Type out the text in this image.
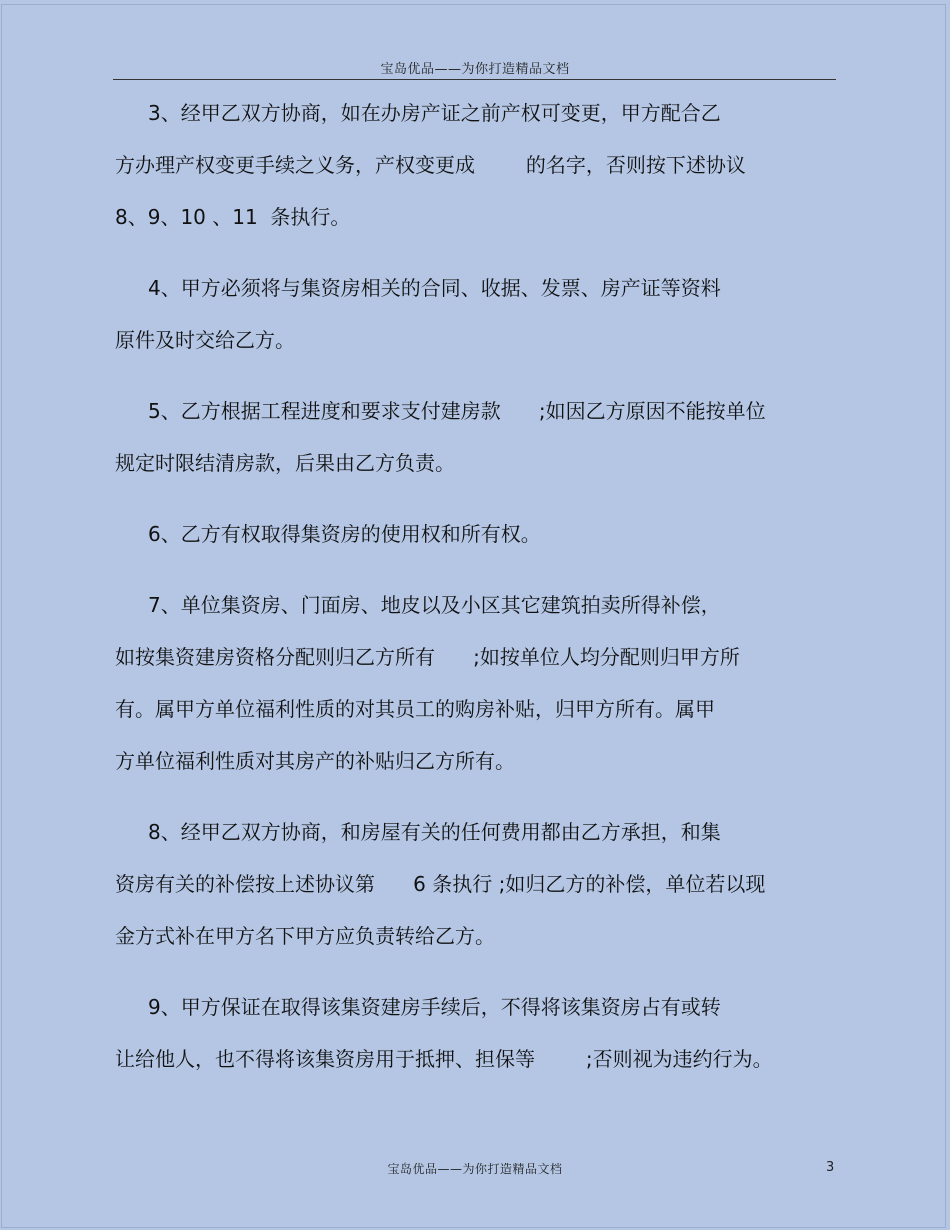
宝岛优品——为你打造精品文档
3、经甲乙双方协商，如在办房产证之前产权可变更，甲方配合乙
方办理产权变更手续之义务，产权变更成        的名字，否则按下述协议
8、9、10 、11  条执行。
4、甲方必须将与集资房相关的合同、收据、发票、房产证等资料
原件及时交给乙方。
5、乙方根据工程进度和要求支付建房款      ;如因乙方原因不能按单位
规定时限结清房款，后果由乙方负责。
6、乙方有权取得集资房的使用权和所有权。
7、单位集资房、门面房、地皮以及小区其它建筑拍卖所得补偿，
如按集资建房资格分配则归乙方所有      ;如按单位人均分配则归甲方所
有。属甲方单位福利性质的对其员工的购房补贴，归甲方所有。属甲
方单位福利性质对其房产的补贴归乙方所有。
8、经甲乙双方协商，和房屋有关的任何费用都由乙方承担，和集
资房有关的补偿按上述协议第      6 条执行 ;如归乙方的补偿，单位若以现
金方式补在甲方名下甲方应负责转给乙方。
9、甲方保证在取得该集资建房手续后，不得将该集资房占有或转
让给他人，也不得将该集资房用于抵押、担保等        ;否则视为违约行为。
宝岛优品——为你打造精品文档	3
